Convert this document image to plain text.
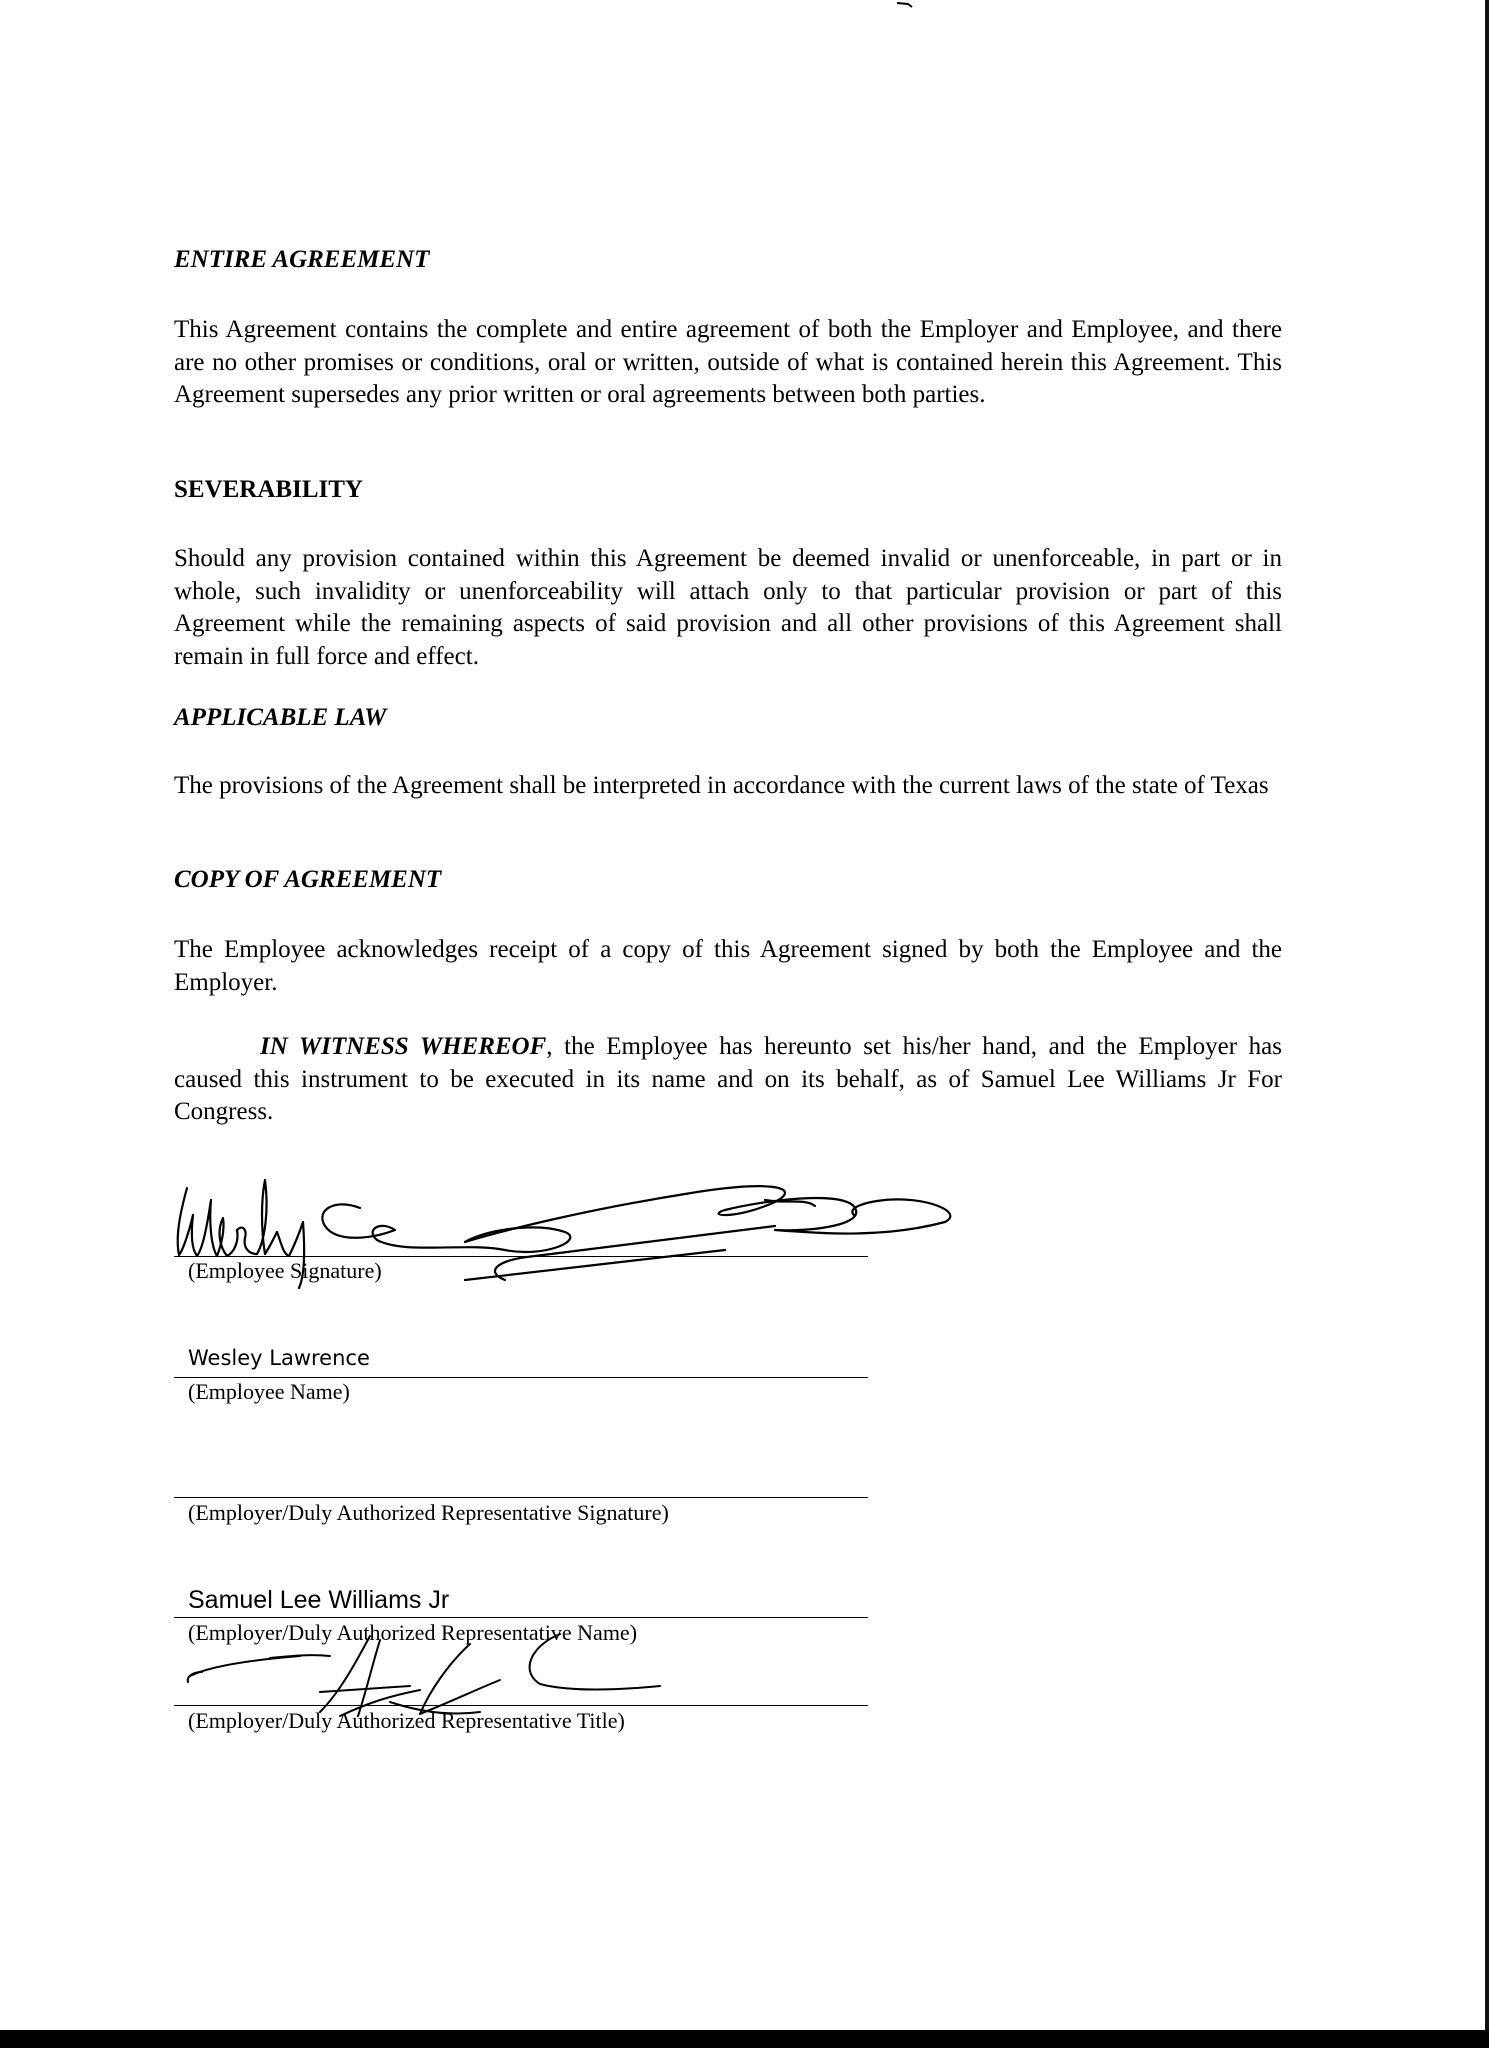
ENTIRE AGREEMENT

This Agreement contains the complete and entire agreement of both the Employer and Employee, and there are no other promises or conditions, oral or written, outside of what is contained herein this Agreement. This Agreement supersedes any prior written or oral agreements between both parties.

SEVERABILITY

Should any provision contained within this Agreement be deemed invalid or unenforceable, in part or in whole, such invalidity or unenforceability will attach only to that particular provision or part of this Agreement while the remaining aspects of said provision and all other provisions of this Agreement shall remain in full force and effect.

APPLICABLE LAW

The provisions of the Agreement shall be interpreted in accordance with the current laws of the state of Texas

COPY OF AGREEMENT

The Employee acknowledges receipt of a copy of this Agreement signed by both the Employee and the Employer.

IN WITNESS WHEREOF, the Employee has hereunto set his/her hand, and the Employer has caused this instrument to be executed in its name and on its behalf, as of Samuel Lee Williams Jr For Congress.

(Employee Signature)

Wesley Lawrence

(Employee Name)

(Employer/Duly Authorized Representative Signature)

Samuel Lee Williams Jr

(Employer/Duly Authorized Representative Name)

(Employer/Duly Authorized Representative Title)
